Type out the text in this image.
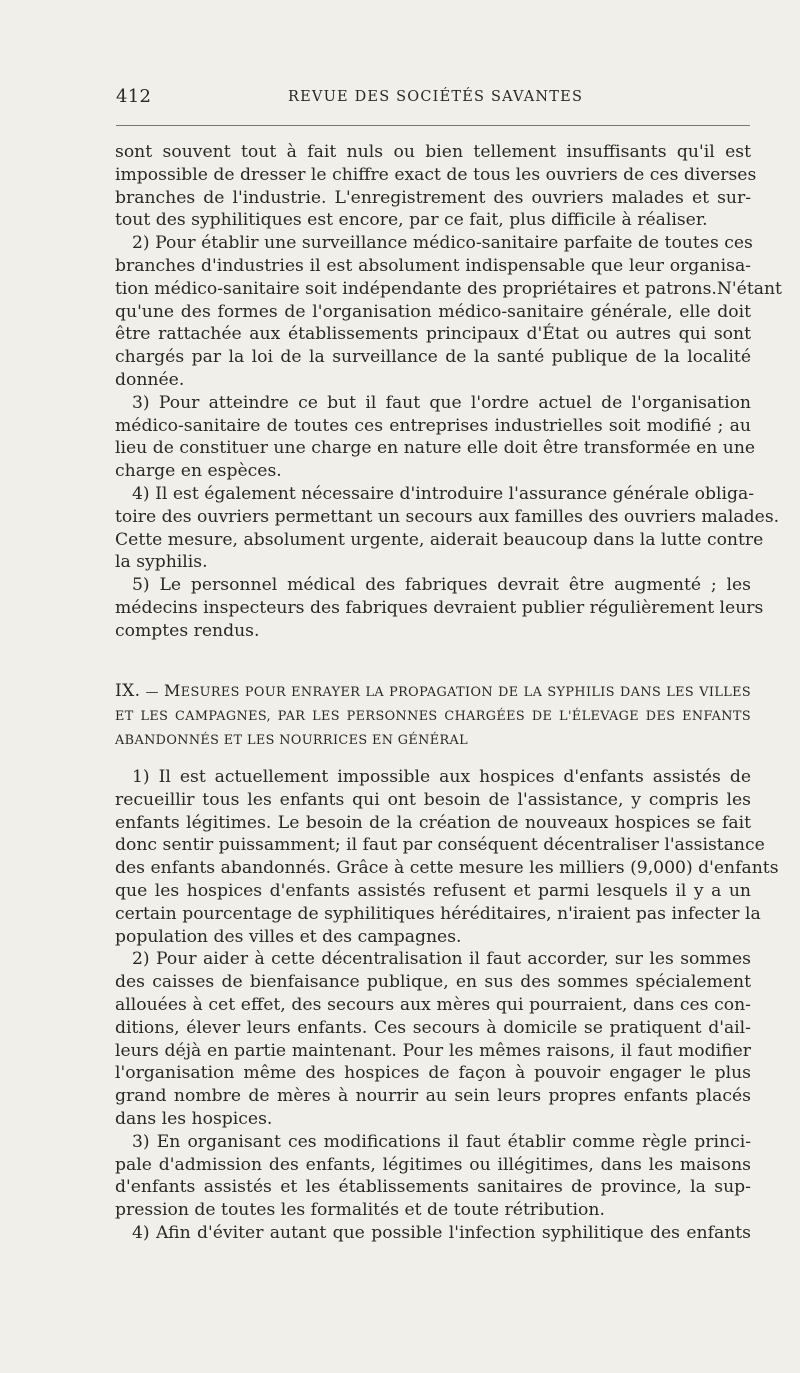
412	REVUE DES SOCIÉTÉS SAVANTES
sont souvent tout à fait nuls ou bien tellement insuffisants qu'il est
impossible de dresser le chiffre exact de tous les ouvriers de ces diverses
branches de l'industrie. L'enregistrement des ouvriers malades et sur-
tout des syphilitiques est encore, par ce fait, plus difficile à réaliser.
2) Pour établir une surveillance médico-sanitaire parfaite de toutes ces
branches d'industries il est absolument indispensable que leur organisa-
tion médico-sanitaire soit indépendante des propriétaires et patrons.N'étant
qu'une des formes de l'organisation médico-sanitaire générale, elle doit
être rattachée aux établissements principaux d'État ou autres qui sont
chargés par la loi de la surveillance de la santé publique de la localité
donnée.
3) Pour atteindre ce but il faut que l'ordre actuel de l'organisation
médico-sanitaire de toutes ces entreprises industrielles soit modifié ; au
lieu de constituer une charge en nature elle doit être transformée en une
charge en espèces.
4) Il est également nécessaire d'introduire l'assurance générale obliga-
toire des ouvriers permettant un secours aux familles des ouvriers malades.
Cette mesure, absolument urgente, aiderait beaucoup dans la lutte contre
la syphilis.
5) Le personnel médical des fabriques devrait être augmenté ; les
médecins inspecteurs des fabriques devraient publier régulièrement leurs
comptes rendus.
IX. — MESURES POUR ENRAYER LA PROPAGATION DE LA SYPHILIS DANS LES VILLES
ET LES CAMPAGNES, PAR LES PERSONNES CHARGÉES DE L'ÉLEVAGE DES ENFANTS
ABANDONNÉS ET LES NOURRICES EN GÉNÉRAL
1) Il est actuellement impossible aux hospices d'enfants assistés de
recueillir tous les enfants qui ont besoin de l'assistance, y compris les
enfants légitimes. Le besoin de la création de nouveaux hospices se fait
donc sentir puissamment; il faut par conséquent décentraliser l'assistance
des enfants abandonnés. Grâce à cette mesure les milliers (9,000) d'enfants
que les hospices d'enfants assistés refusent et parmi lesquels il y a un
certain pourcentage de syphilitiques héréditaires, n'iraient pas infecter la
population des villes et des campagnes.
2) Pour aider à cette décentralisation il faut accorder, sur les sommes
des caisses de bienfaisance publique, en sus des sommes spécialement
allouées à cet effet, des secours aux mères qui pourraient, dans ces con-
ditions, élever leurs enfants. Ces secours à domicile se pratiquent d'ail-
leurs déjà en partie maintenant. Pour les mêmes raisons, il faut modifier
l'organisation même des hospices de façon à pouvoir engager le plus
grand nombre de mères à nourrir au sein leurs propres enfants placés
dans les hospices.
3) En organisant ces modifications il faut établir comme règle princi-
pale d'admission des enfants, légitimes ou illégitimes, dans les maisons
d'enfants assistés et les établissements sanitaires de province, la sup-
pression de toutes les formalités et de toute rétribution.
4) Afin d'éviter autant que possible l'infection syphilitique des enfants
